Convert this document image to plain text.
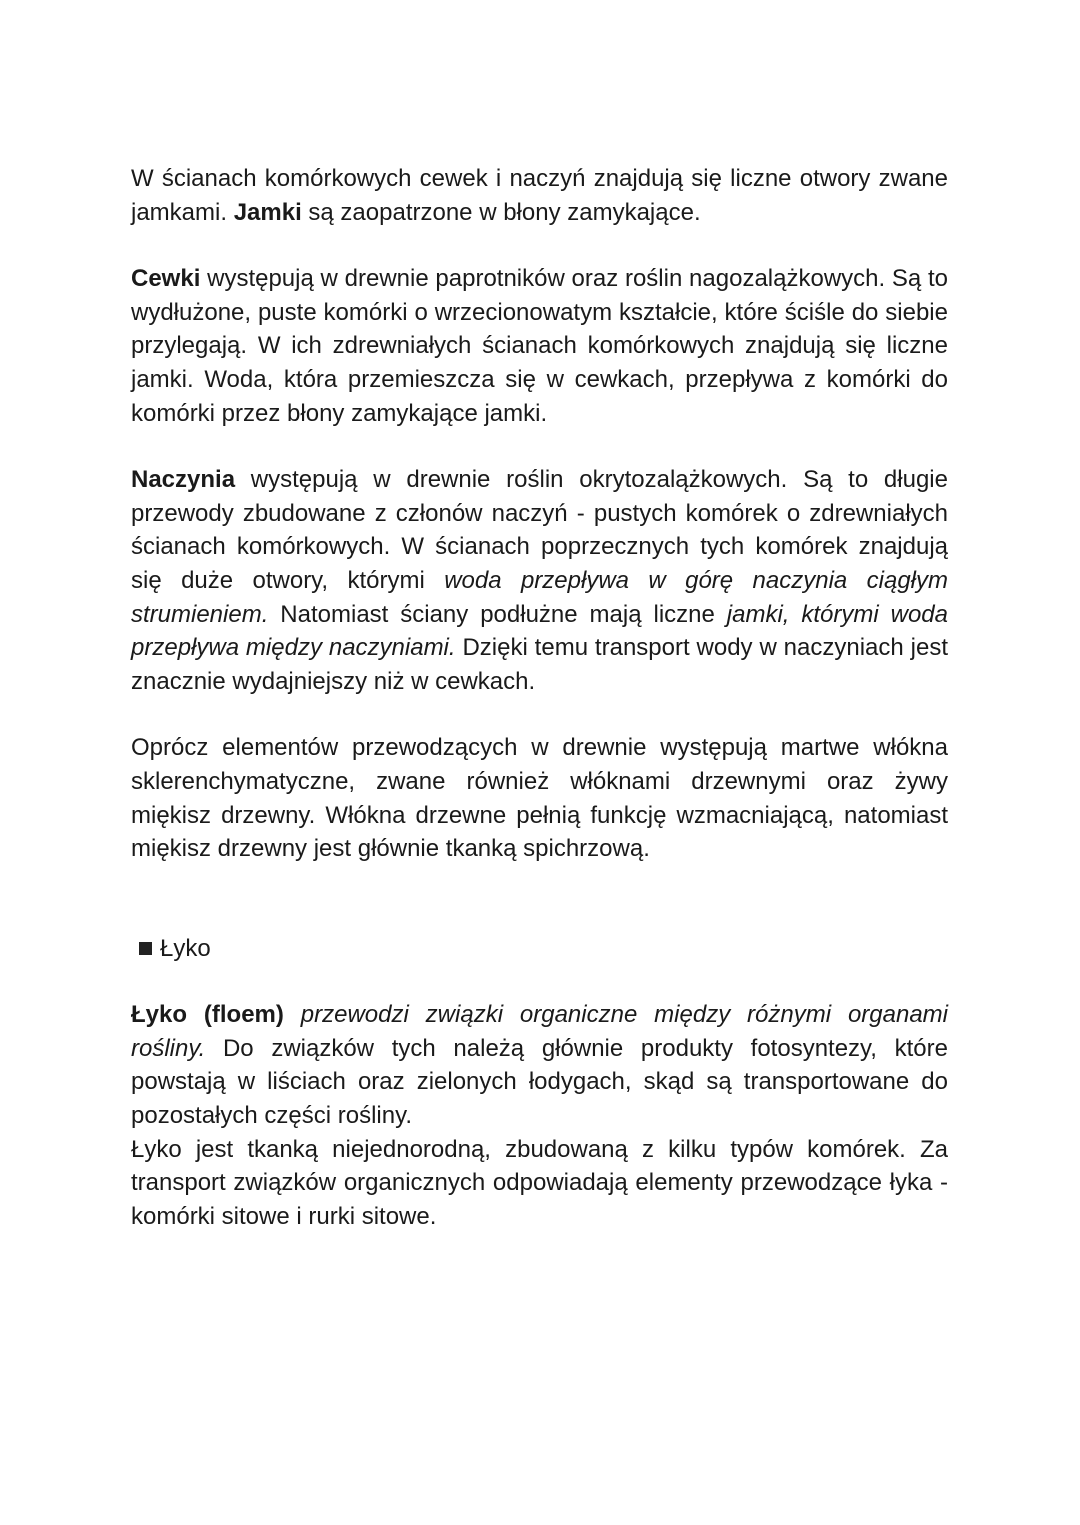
W ścianach komórkowych cewek i naczyń znajdują się liczne otwory zwane jamkami. Jamki są zaopatrzone w błony zamykające.

Cewki występują w drewnie paprotników oraz roślin nagozalążkowych. Są to wydłużone, puste komórki o wrzecionowatym kształcie, które ściśle do siebie przylegają. W ich zdrewniałych ścianach komórkowych znajdują się liczne jamki. Woda, która przemieszcza się w cewkach, przepływa z komórki do komórki przez błony zamykające jamki.

Naczynia występują w drewnie roślin okrytozalążkowych. Są to długie przewody zbudowane z członów naczyń - pustych komórek o zdrewniałych ścianach komórkowych. W ścianach poprzecznych tych komórek znajdują się duże otwory, którymi woda przepływa w górę naczynia ciągłym strumieniem. Natomiast ściany podłużne mają liczne jamki, którymi woda przepływa między naczyniami. Dzięki temu transport wody w naczyniach jest znacznie wydajniejszy niż w cewkach.

Oprócz elementów przewodzących w drewnie występują martwe włókna sklerenchymatyczne, zwane również włóknami drzewnymi oraz żywy miękisz drzewny. Włókna drzewne pełnią funkcję wzmacniającą, natomiast miękisz drzewny jest głównie tkanką spichrzową.

Łyko

Łyko (floem) przewodzi związki organiczne między różnymi organami rośliny. Do związków tych należą głównie produkty fotosyntezy, które powstają w liściach oraz zielonych łodygach, skąd są transportowane do pozostałych części rośliny.

Łyko jest tkanką niejednorodną, zbudowaną z kilku typów komórek. Za transport związków organicznych odpowiadają elementy przewodzące łyka - komórki sitowe i rurki sitowe.
